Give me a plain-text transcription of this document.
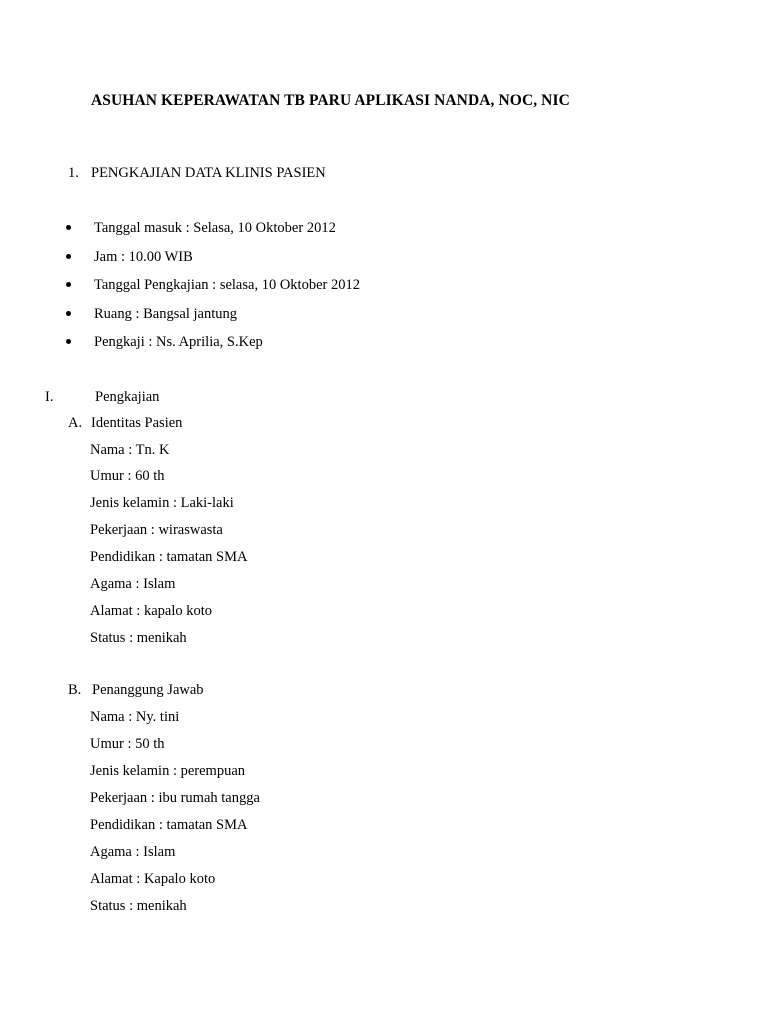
ASUHAN KEPERAWATAN TB PARU APLIKASI NANDA, NOC, NIC
1. PENGKAJIAN DATA KLINIS PASIEN
Tanggal masuk : Selasa, 10 Oktober 2012
Jam : 10.00 WIB
Tanggal Pengkajian : selasa, 10 Oktober 2012
Ruang : Bangsal jantung
Pengkaji : Ns. Aprilia, S.Kep
I.	Pengkajian
A. Identitas Pasien
Nama : Tn. K
Umur : 60 th
Jenis kelamin : Laki-laki
Pekerjaan : wiraswasta
Pendidikan : tamatan SMA
Agama : Islam
Alamat : kapalo koto
Status : menikah
B. Penanggung Jawab
Nama : Ny. tini
Umur : 50 th
Jenis kelamin : perempuan
Pekerjaan : ibu rumah tangga
Pendidikan : tamatan SMA
Agama : Islam
Alamat : Kapalo koto
Status : menikah
